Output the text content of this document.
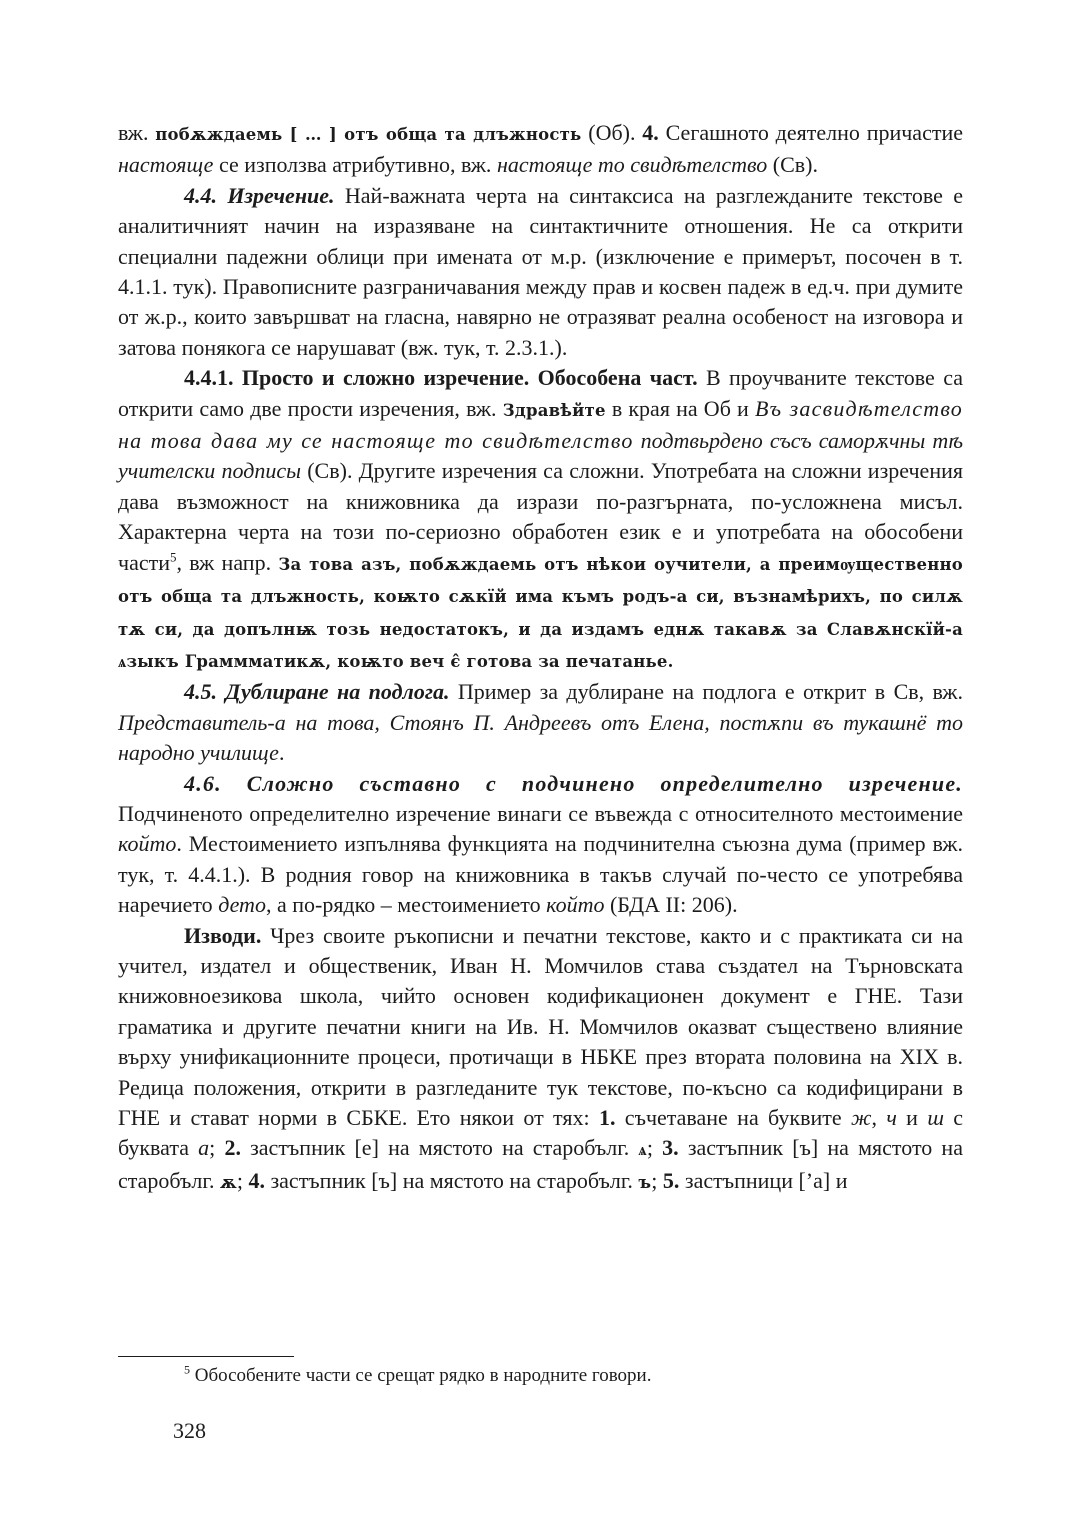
вж. побѫждаемь [ … ] отъ обща та длъжность (Об). 4. Сегашното деятелно причастие настояще се използва атрибутивно, вж. настояще то свидѣтелство (Св).

4.4. Изречение. Най-важната черта на синтаксиса на разглежданите текстове е аналитичният начин на изразяване на синтактичните отношения. Не са открити специални падежни облици при имената от м.р. (изключение е примерът, посочен в т. 4.1.1. тук). Правописните разграничавания между прав и косвен падеж в ед.ч. при думите от ж.р., които завършват на гласна, навярно не отразяват реална особеност на изговора и затова понякога се нарушават (вж. тук, т. 2.3.1.).

4.4.1. Просто и сложно изречение. Обособена част. В проучваните текстове са открити само две прости изречения, вж. Здравѣйте в края на Об и Въ засвидѣтелство на това дава му се настояще то свидѣтелство подтвьрдено съсъ саморѫчны тѣ учителски подписы (Св). Другите изречения са сложни. Употребата на сложни изречения дава възможност на книжовника да изрази по-разгърната, по-усложнена мисъл. Характерна черта на този по-сериозно обработен език е и употребата на обособени части$^5$, вж напр. За това азъ, побѫждаемь отъ нѣкои оучители, а преимѹщественно отъ обща та длъжность, коѭто сѫкїй има къмъ родъ-а си, възнамѣрихъ, по силѫ тѫ си, да допълнѭ тозь недостатокъ, и да издамъ еднѫ такавѫ за Славѫнскїй-а ѧзыкъ Граммматикѫ, коѭто веч є̂ готова за печатанье.

4.5. Дублиране на подлога. Пример за дублиране на подлога е открит в Св, вж. Представитель-а на това, Стоянъ П. Андреевъ отъ Елена, постѫпи въ тукашнё то народно училище.

4.6. Сложно съставно с подчинено определително изречение. Подчиненото определително изречение винаги се въвежда с относителното местоимение който. Местоимението изпълнява функцията на подчинителна съюзна дума (пример вж. тук, т. 4.4.1.). В родния говор на книжовника в такъв случай по-често се употребява наречието дето, а по-рядко – местоимението който (БДА II: 206).

Изводи. Чрез своите ръкописни и печатни текстове, както и с практиката си на учител, издател и общественик, Иван Н. Момчилов става създател на Търновската книжовноезикова школа, чийто основен кодификационен документ е ГНЕ. Тази граматика и другите печатни книги на Ив. Н. Момчилов оказват съществено влияние върху унификационните процеси, протичащи в НБКЕ през втората половина на XIX в. Редица положения, открити в разгледаните тук текстове, по-късно са кодифицирани в ГНЕ и стават норми в СБКЕ. Ето някои от тях: 1. съчетаване на буквите ж, ч и ш с буквата а; 2. застъпник [е] на мястото на старобълг. ѧ; 3. застъпник [ъ] на мястото на старобълг. ѫ; 4. застъпник [ъ] на мястото на старобълг. ъ; 5. застъпници [’а] и

$^5$ Обособените части се срещат рядко в народните говори.
328
